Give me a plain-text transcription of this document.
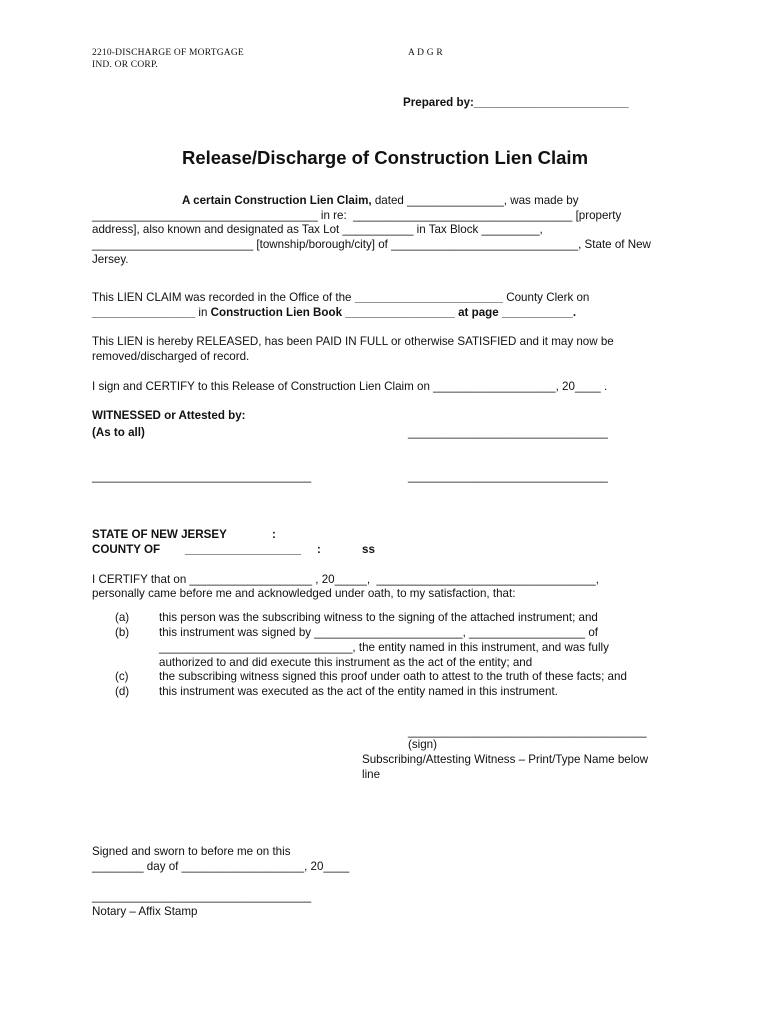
2210-DISCHARGE OF MORTGAGE
IND. OR CORP.
A D G R
Prepared by:________________________
Release/Discharge of Construction Lien Claim
A certain Construction Lien Claim, dated _______________, was made by
___________________________________ in re:  __________________________________ [property
address], also known and designated as Tax Lot ___________ in Tax Block _________,
_________________________ [township/borough/city] of _____________________________, State of New
Jersey.
This LIEN CLAIM was recorded in the Office of the _______________________ County Clerk on
________________ in Construction Lien Book _________________ at page ___________.
This LIEN is hereby RELEASED, has been PAID IN FULL or otherwise SATISFIED and it may now be
removed/discharged of record.
I sign and CERTIFY to this Release of Construction Lien Claim on ___________________, 20____ .
WITNESSED or Attested by:
(As to all)	_______________________________
__________________________________	_______________________________
STATE OF NEW JERSEY	:
COUNTY OF __________________ :	ss
I CERTIFY that on ___________________ , 20_____,  __________________________________,
personally came before me and acknowledged under oath, to my satisfaction, that:
(a)	this person was the subscribing witness to the signing of the attached instrument; and
(b)	this instrument was signed by _______________________, __________________ of
______________________________, the entity named in this instrument, and was fully
authorized to and did execute this instrument as the act of the entity; and
(c)	the subscribing witness signed this proof under oath to attest to the truth of these facts; and
(d)	this instrument was executed as the act of the entity named in this instrument.
_____________________________________
(sign)
Subscribing/Attesting Witness – Print/Type Name below
line
Signed and sworn to before me on this
________ day of ___________________, 20____
__________________________________
Notary – Affix Stamp
